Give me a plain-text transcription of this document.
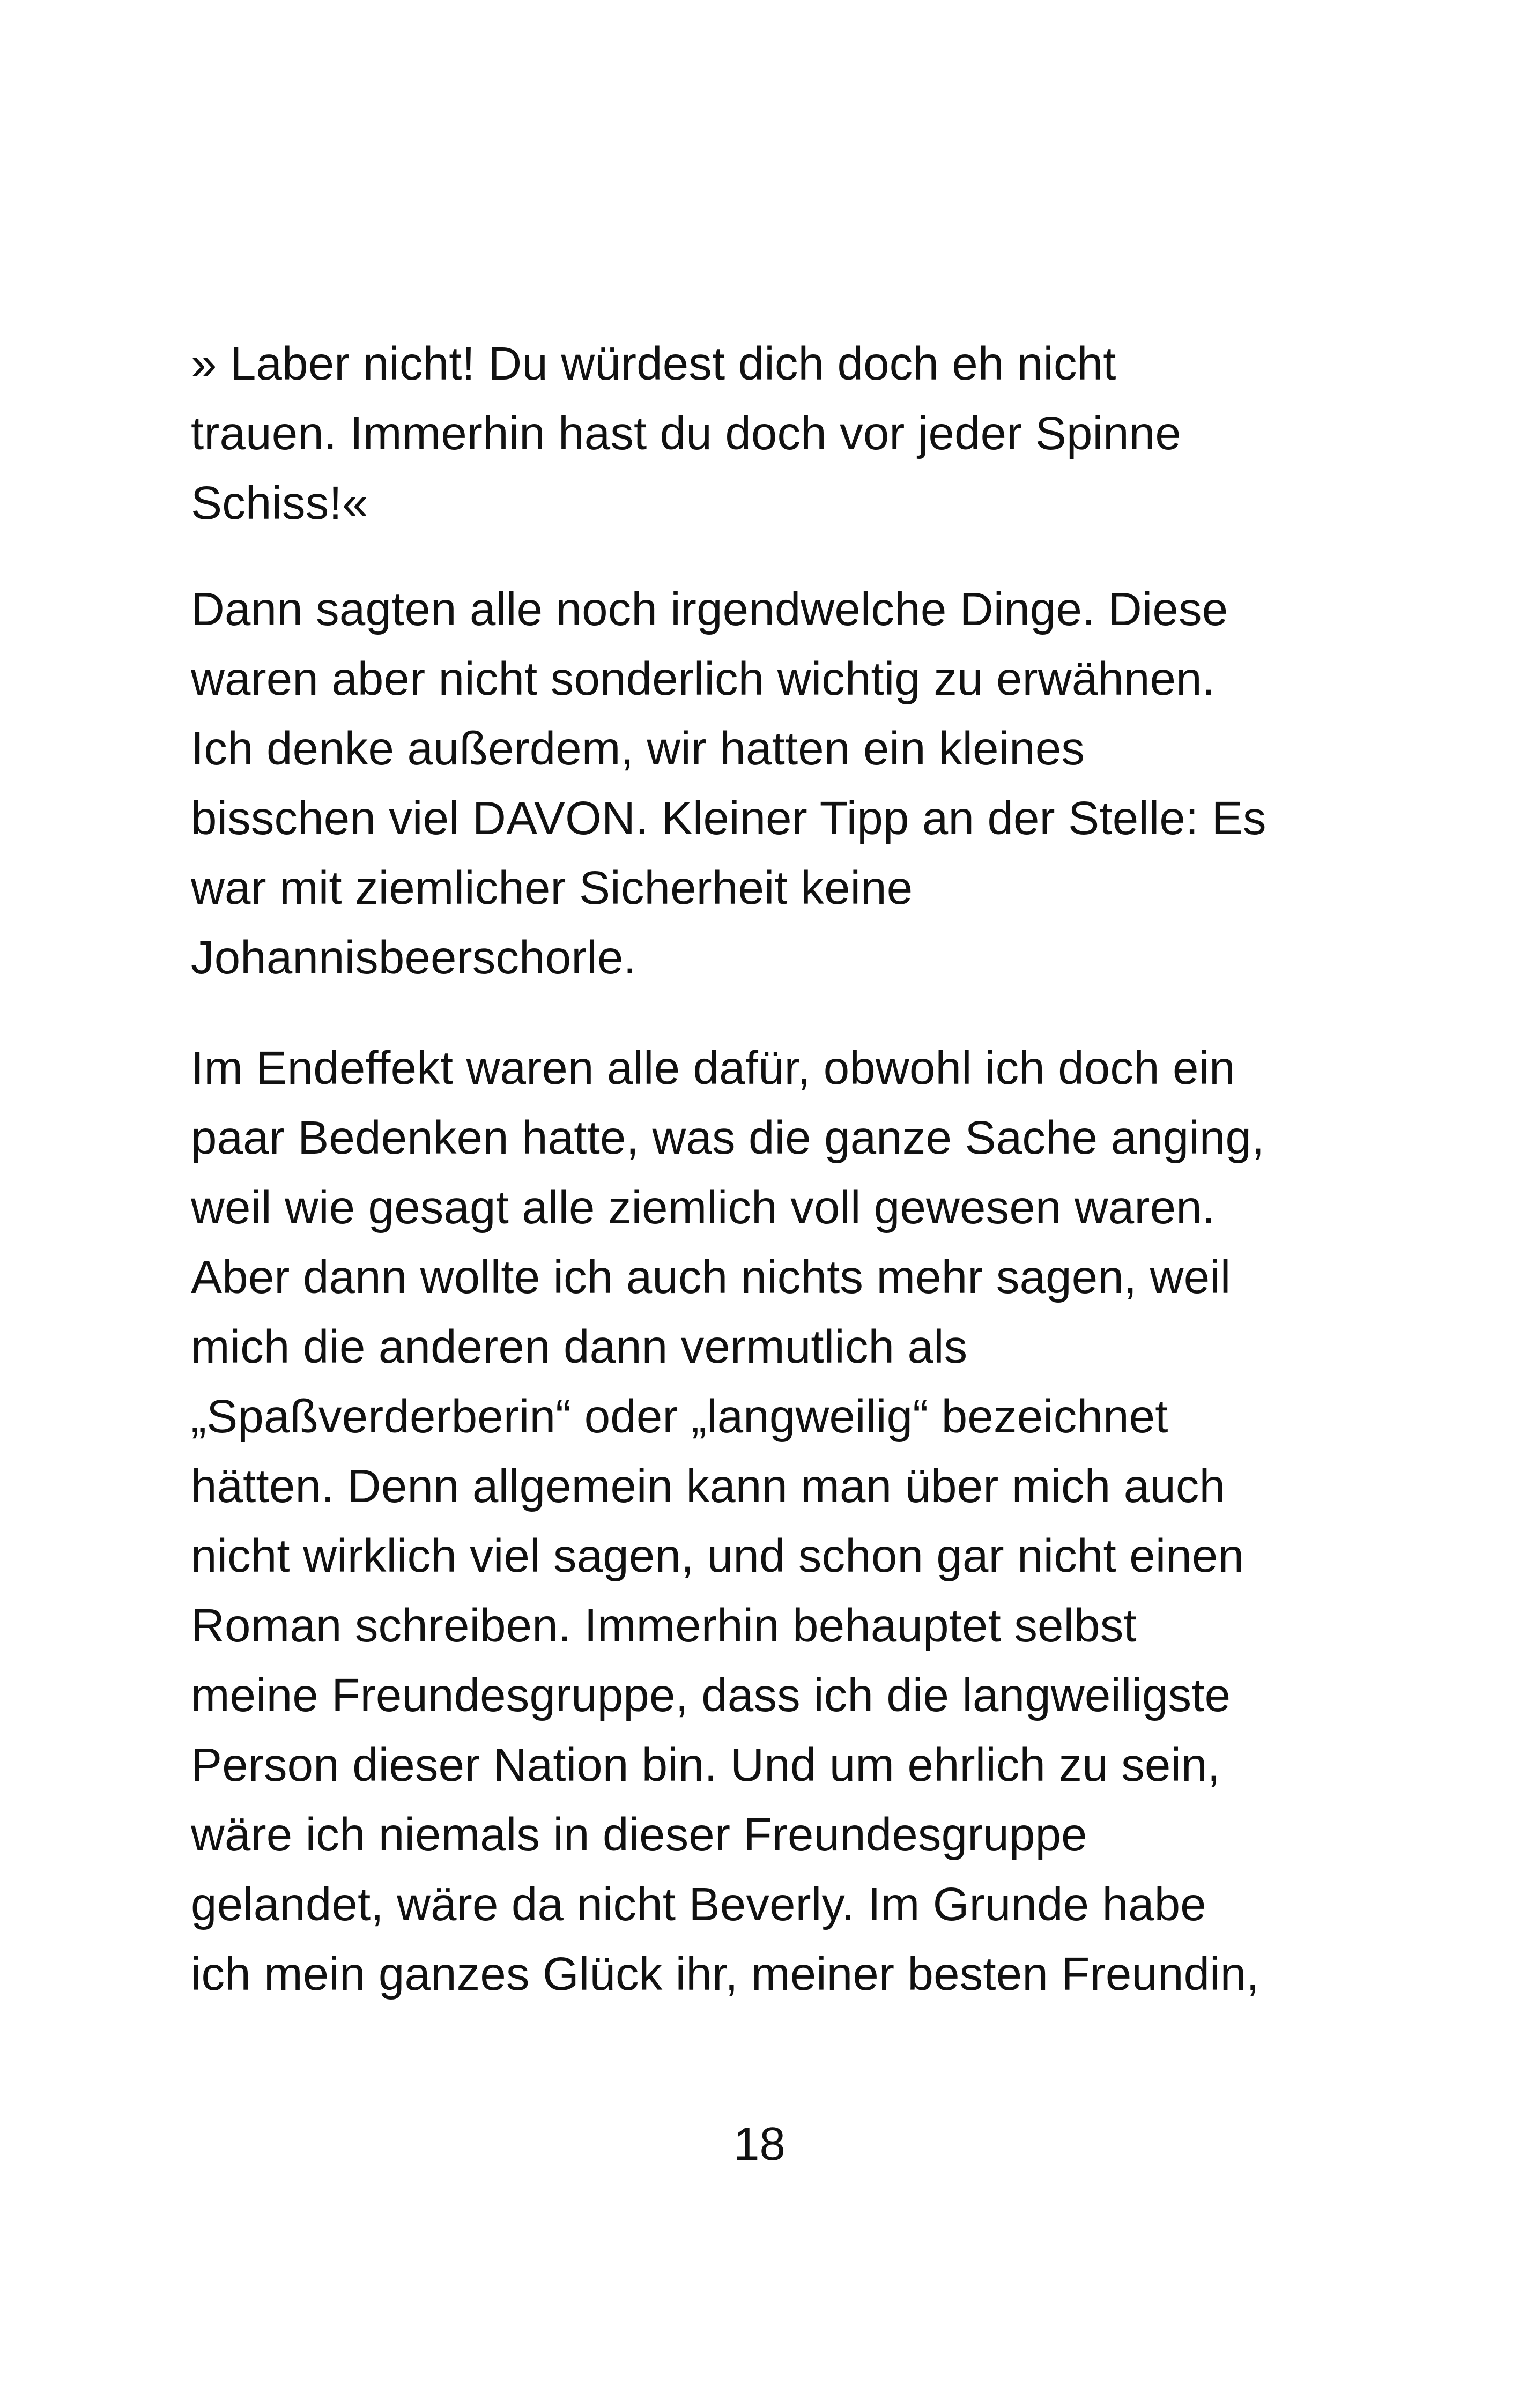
» Laber nicht! Du würdest dich doch eh nicht
trauen. Immerhin hast du doch vor jeder Spinne
Schiss!«
Dann sagten alle noch irgendwelche Dinge. Diese
waren aber nicht sonderlich wichtig zu erwähnen.
Ich denke außerdem, wir hatten ein kleines
bisschen viel DAVON. Kleiner Tipp an der Stelle: Es
war mit ziemlicher Sicherheit keine
Johannisbeerschorle.
Im Endeffekt waren alle dafür, obwohl ich doch ein
paar Bedenken hatte, was die ganze Sache anging,
weil wie gesagt alle ziemlich voll gewesen waren.
Aber dann wollte ich auch nichts mehr sagen, weil
mich die anderen dann vermutlich als
„Spaßverderberin“ oder „langweilig“ bezeichnet
hätten. Denn allgemein kann man über mich auch
nicht wirklich viel sagen, und schon gar nicht einen
Roman schreiben. Immerhin behauptet selbst
meine Freundesgruppe, dass ich die langweiligste
Person dieser Nation bin. Und um ehrlich zu sein,
wäre ich niemals in dieser Freundesgruppe
gelandet, wäre da nicht Beverly. Im Grunde habe
ich mein ganzes Glück ihr, meiner besten Freundin,
18
